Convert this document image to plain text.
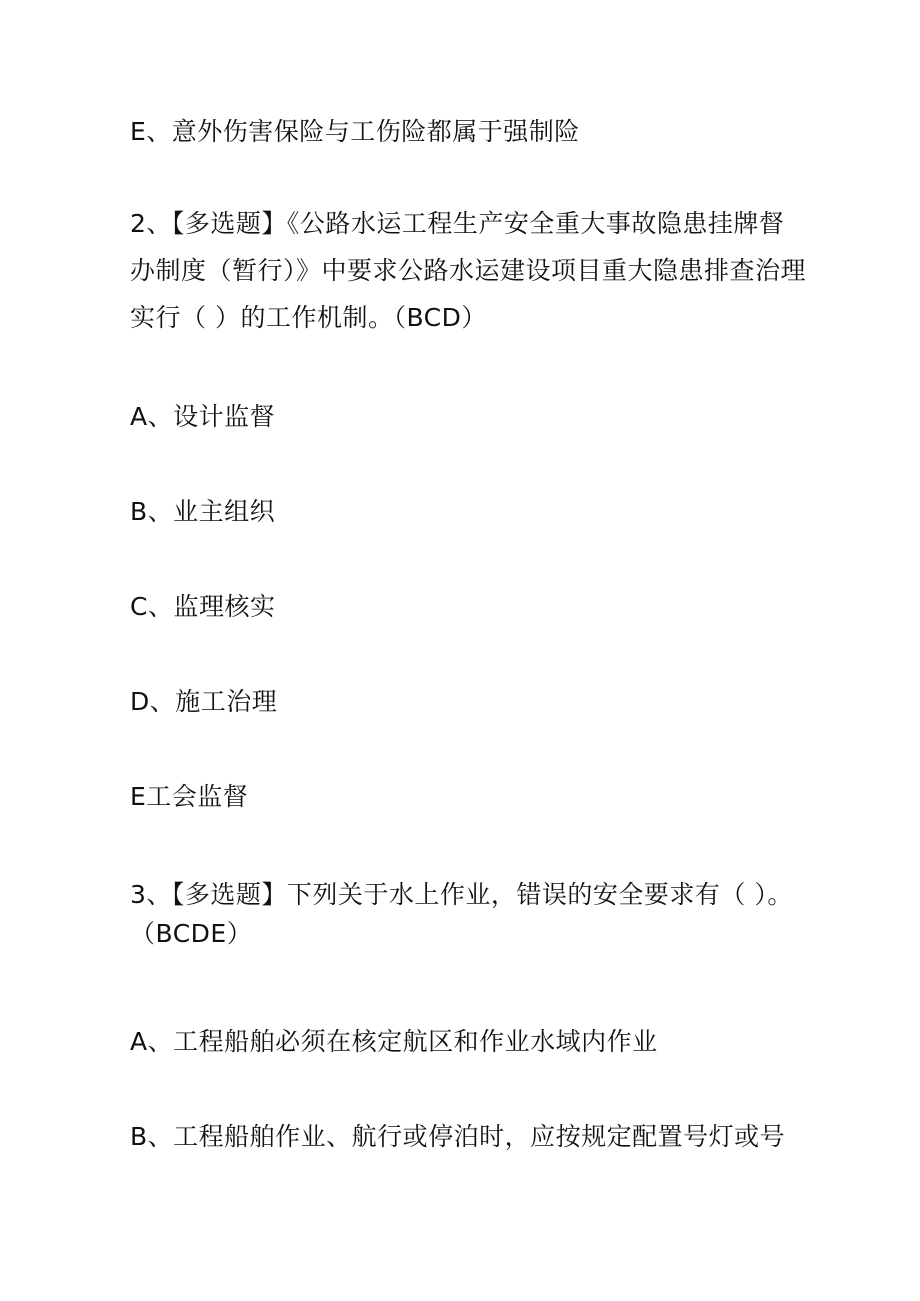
E、意外伤害保险与工伤险都属于强制险
2、【多选题】《公路水运工程生产安全重大事故隐患挂牌督
办制度（暂行）》中要求公路水运建设项目重大隐患排查治理
实行（ ）的工作机制。（BCD）
A、设计监督
B、业主组织
C、监理核实
D、施工治理
E工会监督
3、【多选题】下列关于水上作业，错误的安全要求有（ ）。
（BCDE）
A、工程船舶必须在核定航区和作业水域内作业
B、工程船舶作业、航行或停泊时，应按规定配置号灯或号
